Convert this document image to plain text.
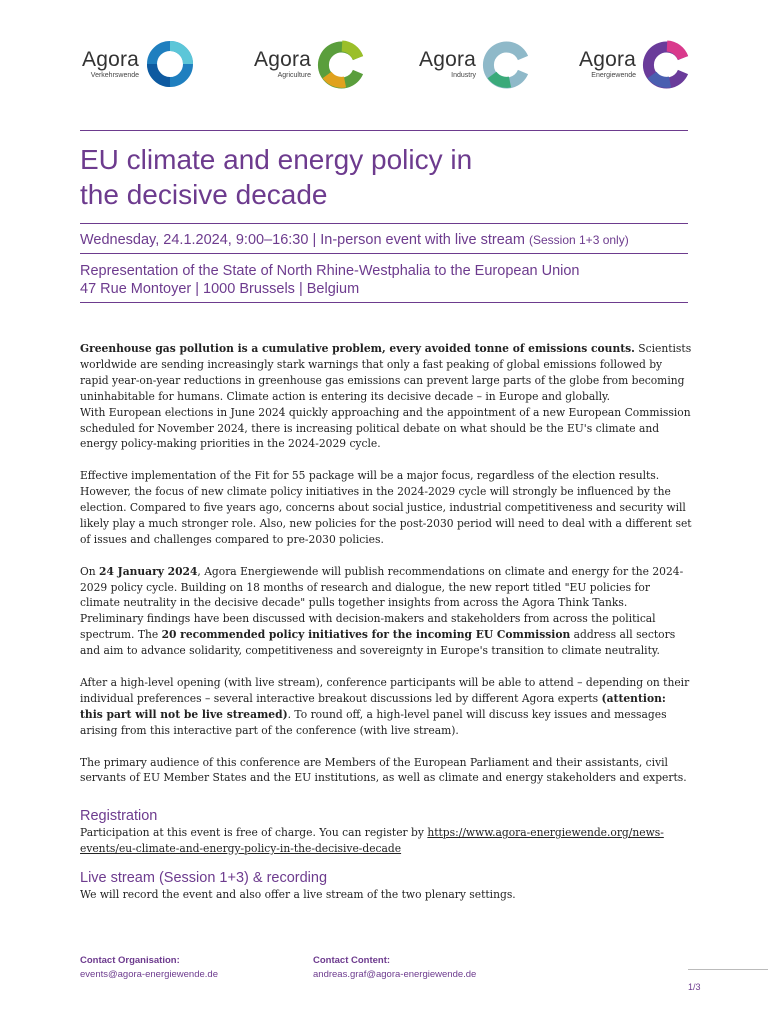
Agora
Verkehrswende
Agora
Agriculture
Agora
Industry
Agora
Energiewende
EU climate and energy policy in
the decisive decade
Wednesday, 24.1.2024, 9:00–16:30 | In-person event with live stream (Session 1+3 only)
Representation of the State of North Rhine-Westphalia to the European Union
47 Rue Montoyer | 1000 Brussels | Belgium

Greenhouse gas pollution is a cumulative problem, every avoided tonne of emissions counts. Scientists worldwide are sending increasingly stark warnings that only a fast peaking of global emissions followed by rapid year-on-year reductions in greenhouse gas emissions can prevent large parts of the globe from becoming uninhabitable for humans. Climate action is entering its decisive decade – in Europe and globally.

With European elections in June 2024 quickly approaching and the appointment of a new European Commission scheduled for November 2024, there is increasing political debate on what should be the EU's climate and energy policy-making priorities in the 2024-2029 cycle.

Effective implementation of the Fit for 55 package will be a major focus, regardless of the election results. However, the focus of new climate policy initiatives in the 2024-2029 cycle will strongly be influenced by the election. Compared to five years ago, concerns about social justice, industrial competitiveness and security will likely play a much stronger role. Also, new policies for the post-2030 period will need to deal with a different set of issues and challenges compared to pre-2030 policies.

On 24 January 2024, Agora Energiewende will publish recommendations on climate and energy for the 2024-2029 policy cycle. Building on 18 months of research and dialogue, the new report titled "EU policies for climate neutrality in the decisive decade" pulls together insights from across the Agora Think Tanks. Preliminary findings have been discussed with decision-makers and stakeholders from across the political spectrum. The 20 recommended policy initiatives for the incoming EU Commission address all sectors and aim to advance solidarity, competitiveness and sovereignty in Europe's transition to climate neutrality.

After a high-level opening (with live stream), conference participants will be able to attend – depending on their individual preferences – several interactive breakout discussions led by different Agora experts (attention: this part will not be live streamed). To round off, a high-level panel will discuss key issues and messages arising from this interactive part of the conference (with live stream).

The primary audience of this conference are Members of the European Parliament and their assistants, civil servants of EU Member States and the EU institutions, as well as climate and energy stakeholders and experts.

Registration
Participation at this event is free of charge. You can register by https://www.agora-energiewende.org/news-events/eu-climate-and-energy-policy-in-the-decisive-decade
Live stream (Session 1+3) & recording
We will record the event and also offer a live stream of the two plenary settings.
Contact Organisation:
events@agora-energiewende.de
Contact Content:
andreas.graf@agora-energiewende.de
1/3
